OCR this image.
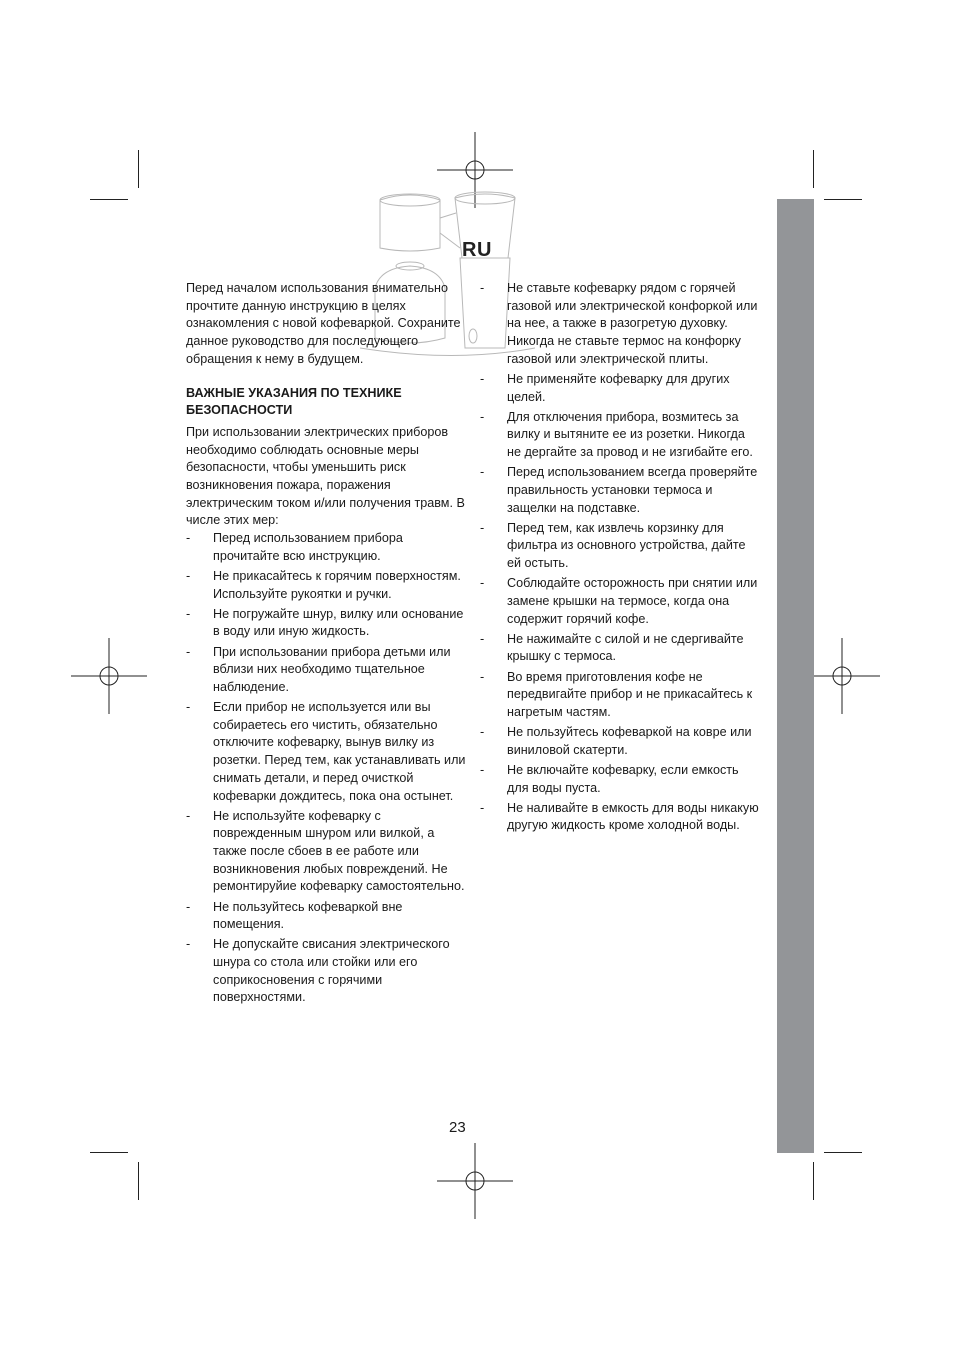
RU

Перед началом использования внимательно прочтите данную инструкцию в целях ознакомления с новой кофеваркой. Сохраните данное руководство для последующего обращения к нему в будущем.

ВАЖНЫЕ УКАЗАНИЯ ПО ТЕХНИКЕ БЕЗОПАСНОСТИ

При использовании электрических приборов необходимо соблюдать основные меры безопасности, чтобы уменьшить риск возникновения пожара, поражения электрическим током и/или получения травм. В числе этих мер:

- Перед использованием прибора прочитайте всю инструкцию.
- Не прикасайтесь к горячим поверхностям. Используйте рукоятки и ручки.
- Не погружайте шнур, вилку или основание в воду или иную жидкость.
- При использовании прибора детьми или вблизи них необходимо тщательное наблюдение.
- Если прибор не используется или вы собираетесь его чистить, обязательно отключите кофеварку, вынув вилку из розетки. Перед тем, как устанавливать или снимать детали, и перед очисткой кофеварки дождитесь, пока она остынет.
- Не используйте кофеварку с поврежденным шнуром или вилкой, а также после сбоев в ее работе или возникновения любых повреждений. Не ремонтируйие кофеварку самостоятельно.
- Не пользуйтесь кофеваркой вне помещения.
- Не допускайте свисания электрического шнура со стола или стойки или его соприкосновения с горячими поверхностями.
- Не ставьте кофеварку рядом с горячей газовой или электрической конфоркой или на нее, а также в разогретую духовку. Никогда не ставьте термос на конфорку газовой или электрической плиты.
- Не применяйте кофеварку для других целей.
- Для отключения прибора, возмитесь за вилку и вытяните ее из розетки. Никогда не дергайте за провод и не изгибайте его.
- Перед использованием всегда проверяйте правильность установки термоса и защелки на подставке.
- Перед тем, как извлечь корзинку для фильтра из основного устройства, дайте ей остыть.
- Соблюдайте осторожность при снятии или замене крышки на термосе, когда она содержит горячий кофе.
- Не нажимайте с силой и не сдергивайте крышку с термоса.
- Во время приготовления кофе не передвигайте прибор и не прикасайтесь к нагретым частям.
- Не пользуйтесь кофеваркой на ковре или виниловой скатерти.
- Не включайте кофеварку, если емкость для воды пуста.
- Не наливайте в емкость для воды никакую другую жидкость кроме холодной воды.
23
